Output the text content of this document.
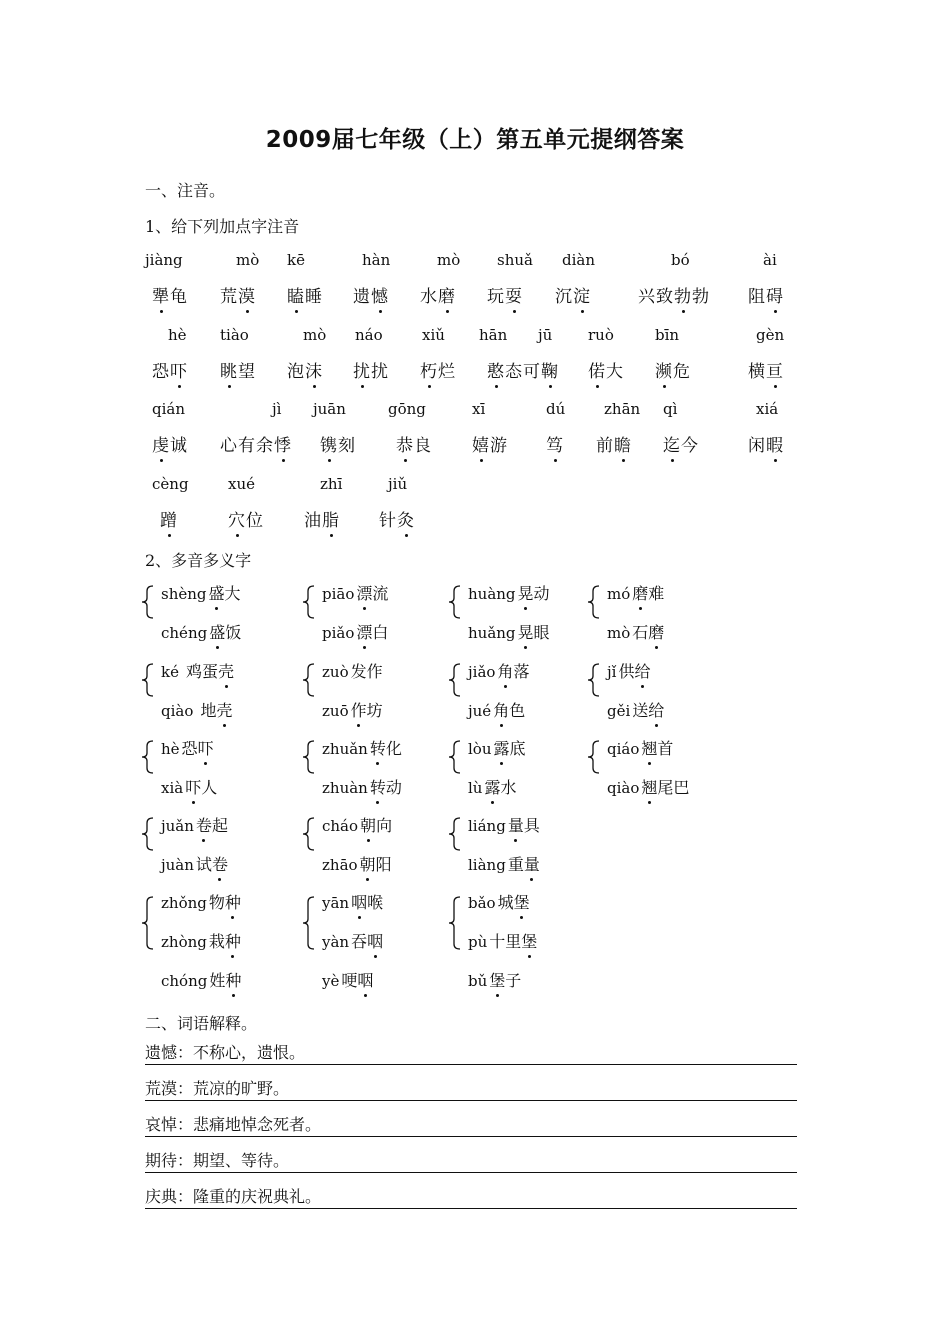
2009届七年级（上）第五单元提纲答案
一、注音。
1、给下列加点字注音
jiàng
犟龟
mò
荒漠
kē
瞌睡
hàn
遗憾
mò
水磨
shuǎ
玩耍
diàn
沉淀
bó
兴致勃勃
ài
阻碍
hè
恐吓
tiào
眺望
mò
泡沫
náo
扰扰
xiǔ
朽烂
hān
憨态可鞠
jū ruò
偌大
bīn
濒危
gèn
横亘
qián
虔诚
jì
心有余悸
juān
镌刻
gōng
恭良
xī
嬉游
dú
笃
zhān
前瞻
qì
迄今
xiá
闲暇
cèng
蹭
xué
穴位
zhī
油脂
jiǔ
针灸
2、多音多义字
shèng 盛大
chéng 盛饭
piāo 漂流
piǎo 漂白
huàng 晃动
huǎng 晃眼
mó 磨难
mò 石磨
ké 鸡蛋壳
qiào 地壳
zuò 发作
zuō 作坊
jiǎo 角落
jué 角色
jǐ 供给
gěi 送给
hè 恐吓
xià 吓人
zhuǎn 转化
zhuàn 转动
lòu 露底
lù 露水
qiáo 翘首
qiào 翘尾巴
juǎn 卷起
juàn 试卷
cháo 朝向
zhāo 朝阳
liáng 量具
liàng 重量
zhǒng 物种
zhòng 栽种
chóng 姓种
yān 咽喉
yàn 吞咽
yè 哽咽
bǎo 城堡
pù 十里堡
bǔ 堡子
二、词语解释。
遗憾：不称心，遗恨。
荒漠：荒凉的旷野。
哀悼：悲痛地悼念死者。
期待：期望、等待。
庆典：隆重的庆祝典礼。
